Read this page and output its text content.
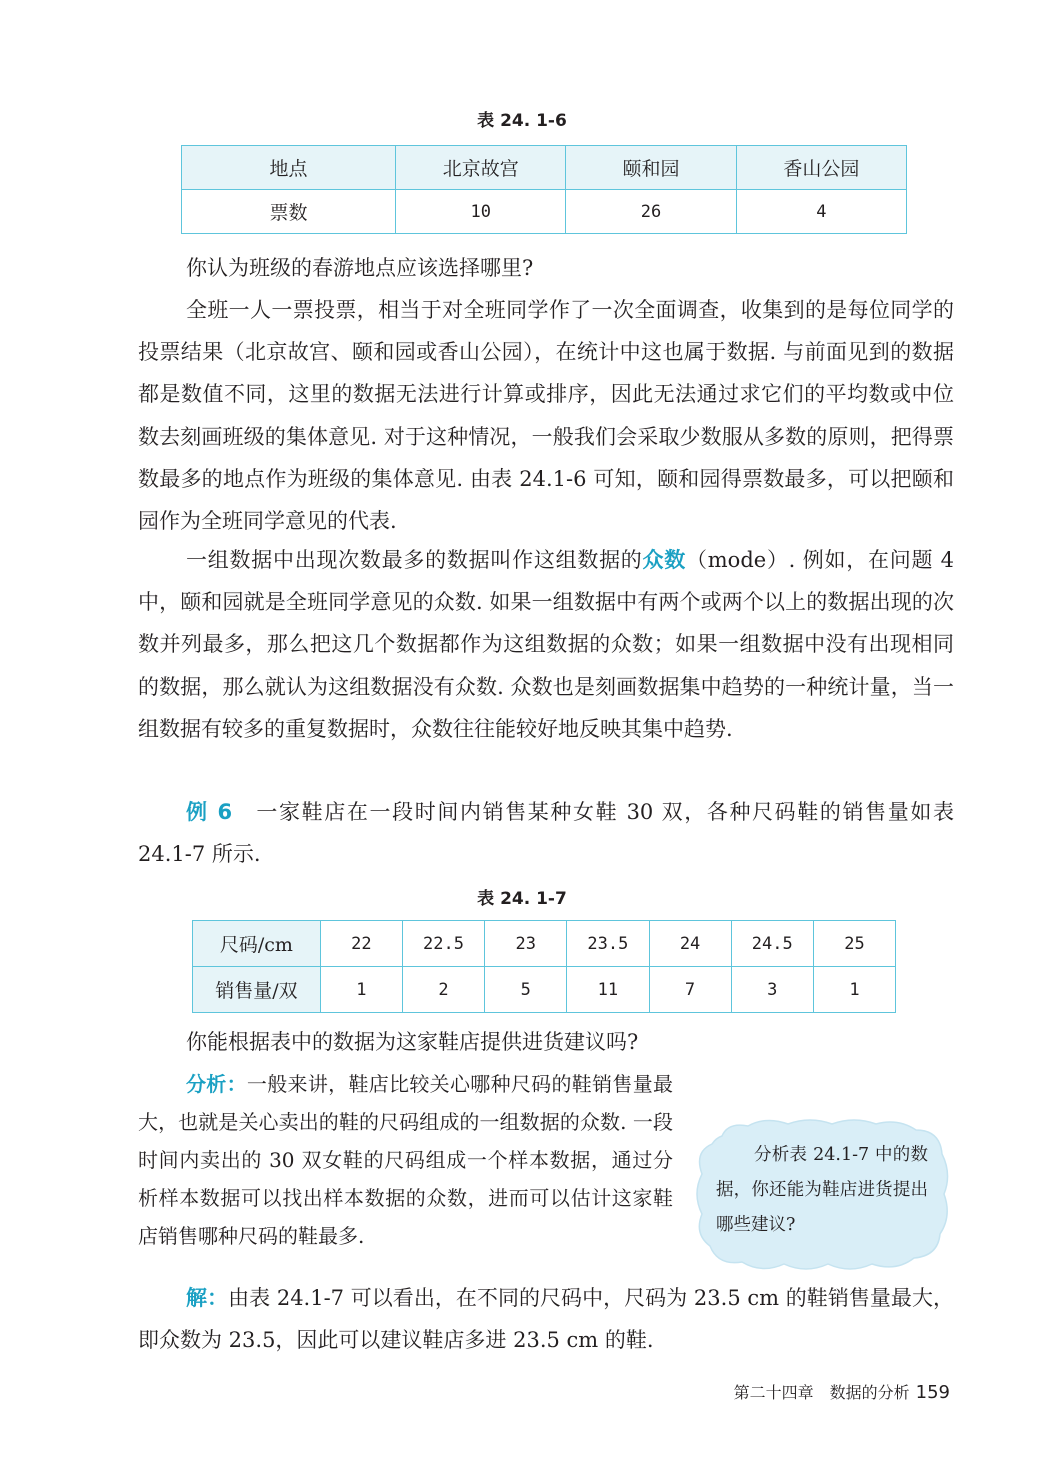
表 24. 1-6
地点	北京故宫	颐和园	香山公园
票数	10	26	4

你认为班级的春游地点应该选择哪里?

全班一人一票投票，相当于对全班同学作了一次全面调查，收集到的是每位同学的投票结果（北京故宫、颐和园或香山公园），在统计中这也属于数据. 与前面见到的数据都是数值不同，这里的数据无法进行计算或排序，因此无法通过求它们的平均数或中位数去刻画班级的集体意见. 对于这种情况，一般我们会采取少数服从多数的原则，把得票数最多的地点作为班级的集体意见. 由表 24.1-6 可知，颐和园得票数最多，可以把颐和园作为全班同学意见的代表.

一组数据中出现次数最多的数据叫作这组数据的众数（mode）. 例如，在问题 4 中，颐和园就是全班同学意见的众数. 如果一组数据中有两个或两个以上的数据出现的次数并列最多，那么把这几个数据都作为这组数据的众数；如果一组数据中没有出现相同的数据，那么就认为这组数据没有众数. 众数也是刻画数据集中趋势的一种统计量，当一组数据有较多的重复数据时，众数往往能较好地反映其集中趋势.

例 6　 一家鞋店在一段时间内销售某种女鞋 30 双，各种尺码鞋的销售量如表 24.1-7 所示.

表 24. 1-7
尺码/cm	22	22.5	23	23.5	24	24.5	25
销售量/双	1	2	5	11	7	3	1

你能根据表中的数据为这家鞋店提供进货建议吗?

分析：一般来讲，鞋店比较关心哪种尺码的鞋销售量最大，也就是关心卖出的鞋的尺码组成的一组数据的众数. 一段时间内卖出的 30 双女鞋的尺码组成一个样本数据，通过分析样本数据可以找出样本数据的众数，进而可以估计这家鞋店销售哪种尺码的鞋最多.

分析表 24.1-7 中的数据，你还能为鞋店进货提出哪些建议?

解：由表 24.1-7 可以看出，在不同的尺码中，尺码为 23.5 cm 的鞋销售量最大，即众数为 23.5，因此可以建议鞋店多进 23.5 cm 的鞋.

第二十四章　数据的分析 159
